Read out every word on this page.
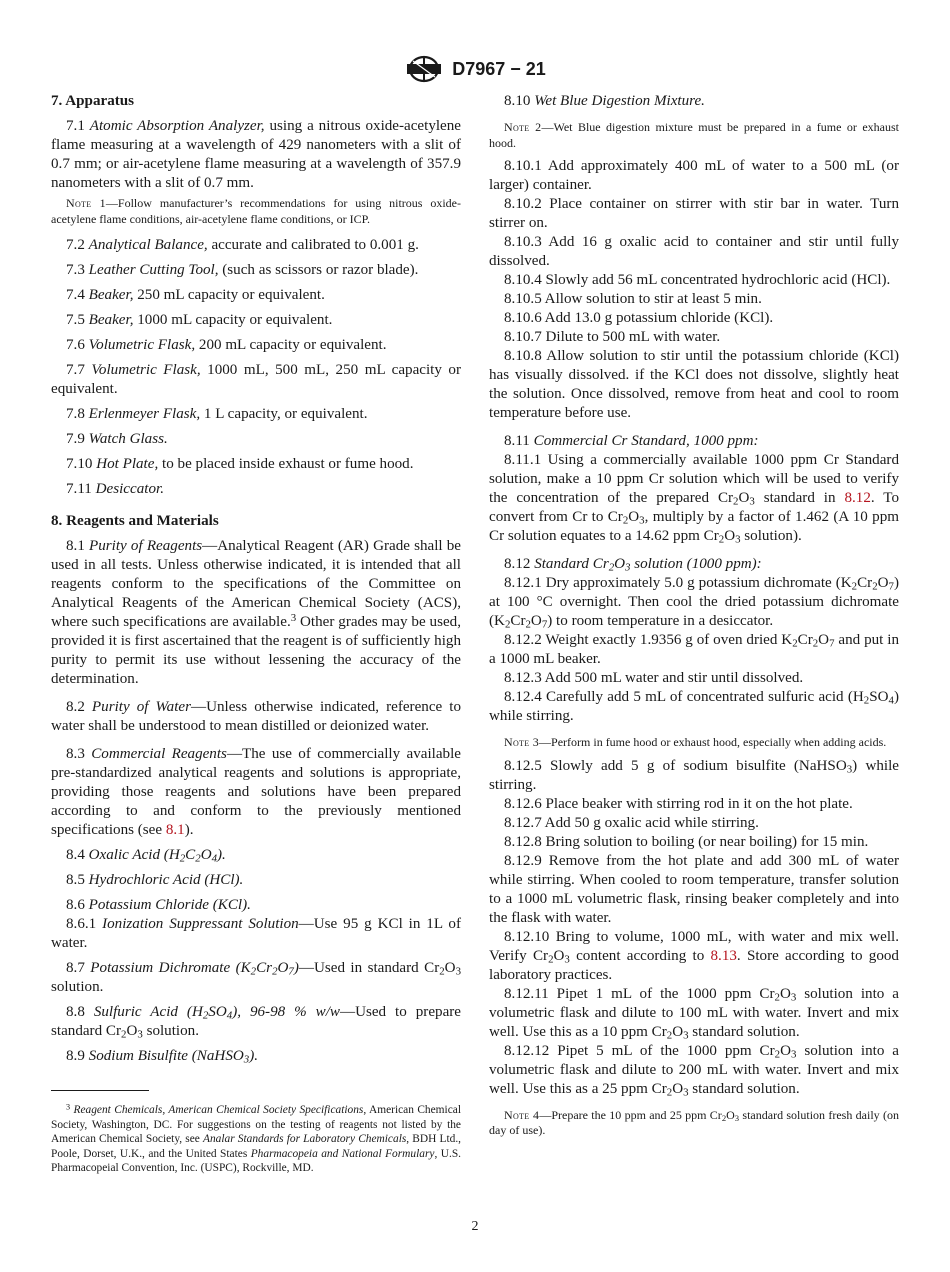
D7967 − 21

7. Apparatus

7.1 Atomic Absorption Analyzer, using a nitrous oxide-acetylene flame measuring at a wavelength of 429 nanometers with a slit of 0.7 mm; or air-acetylene flame measuring at a wavelength of 357.9 nanometers with a slit of 0.7 mm.

Note 1—Follow manufacturer’s recommendations for using nitrous oxide-acetylene flame conditions, air-acetylene flame conditions, or ICP.

7.2 Analytical Balance, accurate and calibrated to 0.001 g.

7.3 Leather Cutting Tool, (such as scissors or razor blade).

7.4 Beaker, 250 mL capacity or equivalent.

7.5 Beaker, 1000 mL capacity or equivalent.

7.6 Volumetric Flask, 200 mL capacity or equivalent.

7.7 Volumetric Flask, 1000 mL, 500 mL, 250 mL capacity or equivalent.

7.8 Erlenmeyer Flask, 1 L capacity, or equivalent.

7.9 Watch Glass.

7.10 Hot Plate, to be placed inside exhaust or fume hood.

7.11 Desiccator.

8. Reagents and Materials

8.1 Purity of Reagents—Analytical Reagent (AR) Grade shall be used in all tests. Unless otherwise indicated, it is intended that all reagents conform to the specifications of the Committee on Analytical Reagents of the American Chemical Society (ACS), where such specifications are available.$^3$ Other grades may be used, provided it is first ascertained that the reagent is of sufficiently high purity to permit its use without lessening the accuracy of the determination.

8.2 Purity of Water—Unless otherwise indicated, reference to water shall be understood to mean distilled or deionized water.

8.3 Commercial Reagents—The use of commercially available pre-standardized analytical reagents and solutions is appropriate, providing those reagents and solutions have been prepared according to and conform to the previously mentioned specifications (see 8.1).

8.4 Oxalic Acid $(H_2C_2O_4)$.

8.5 Hydrochloric Acid (HCl).

8.6 Potassium Chloride (KCl).

8.6.1 Ionization Suppressant Solution—Use 95 g KCl in 1L of water.

8.7 Potassium Dichromate $(K_2Cr_2O_7)—Used$ in standard $Cr_2O_3$ solution.

8.8 Sulfuric Acid $(H_2SO_4)$, 96-98 % w/w—Used to prepare standard $Cr_2O_3$ solution.

8.9 Sodium Bisulfite (NaHSO$_3$).

$^3$ Reagent Chemicals, American Chemical Society Specifications, American Chemical Society, Washington, DC. For suggestions on the testing of reagents not listed by the American Chemical Society, see Analar Standards for Laboratory Chemicals, BDH Ltd., Poole, Dorset, U.K., and the United States Pharmacopeia and National Formulary, U.S. Pharmacopeial Convention, Inc. (USPC), Rockville, MD.

8.10 Wet Blue Digestion Mixture.

Note 2—Wet Blue digestion mixture must be prepared in a fume or exhaust hood.

8.10.1 Add approximately 400 mL of water to a 500 mL (or larger) container.

8.10.2 Place container on stirrer with stir bar in water. Turn stirrer on.

8.10.3 Add 16 g oxalic acid to container and stir until fully dissolved.

8.10.4 Slowly add 56 mL concentrated hydrochloric acid (HCl).

8.10.5 Allow solution to stir at least 5 min.

8.10.6 Add 13.0 g potassium chloride (KCl).

8.10.7 Dilute to 500 mL with water.

8.10.8 Allow solution to stir until the potassium chloride (KCl) has visually dissolved. if the KCl does not dissolve, slightly heat the solution. Once dissolved, remove from heat and cool to room temperature before use.

8.11 Commercial Cr Standard, 1000 ppm:

8.11.1 Using a commercially available 1000 ppm Cr Standard solution, make a 10 ppm Cr solution which will be used to verify the concentration of the prepared $Cr_2O_3$ standard in 8.12. To convert from Cr to $Cr_2O_3$, multiply by a factor of 1.462 (A 10 ppm Cr solution equates to a 14.62 ppm $Cr_2O_3$ solution).

8.12 Standard $Cr_2O_3$ solution (1000 ppm):

8.12.1 Dry approximately 5.0 g potassium dichromate $(K_2Cr_2O_7)$ at 100 °C overnight. Then cool the dried potassium dichromate $(K_2Cr_2O_7)$ to room temperature in a desiccator.

8.12.2 Weight exactly 1.9356 g of oven dried $K_2Cr_2O_7$ and put in a 1000 mL beaker.

8.12.3 Add 500 mL water and stir until dissolved.

8.12.4 Carefully add 5 mL of concentrated sulfuric acid $(H_2SO_4)$ while stirring.

Note 3—Perform in fume hood or exhaust hood, especially when adding acids.

8.12.5 Slowly add 5 g of sodium bisulfite (NaHSO$_3$) while stirring.

8.12.6 Place beaker with stirring rod in it on the hot plate.

8.12.7 Add 50 g oxalic acid while stirring.

8.12.8 Bring solution to boiling (or near boiling) for 15 min.

8.12.9 Remove from the hot plate and add 300 mL of water while stirring. When cooled to room temperature, transfer solution to a 1000 mL volumetric flask, rinsing beaker completely and into the flask with water.

8.12.10 Bring to volume, 1000 mL, with water and mix well. Verify $Cr_2O_3$ content according to 8.13. Store according to good laboratory practices.

8.12.11 Pipet 1 mL of the 1000 ppm $Cr_2O_3$ solution into a volumetric flask and dilute to 100 mL with water. Invert and mix well. Use this as a 10 ppm $Cr_2O_3$ standard solution.

8.12.12 Pipet 5 mL of the 1000 ppm $Cr_2O_3$ solution into a volumetric flask and dilute to 200 mL with water. Invert and mix well. Use this as a 25 ppm $Cr_2O_3$ standard solution.

Note 4—Prepare the 10 ppm and 25 ppm $Cr_2O_3$ standard solution fresh daily (on day of use).

2
